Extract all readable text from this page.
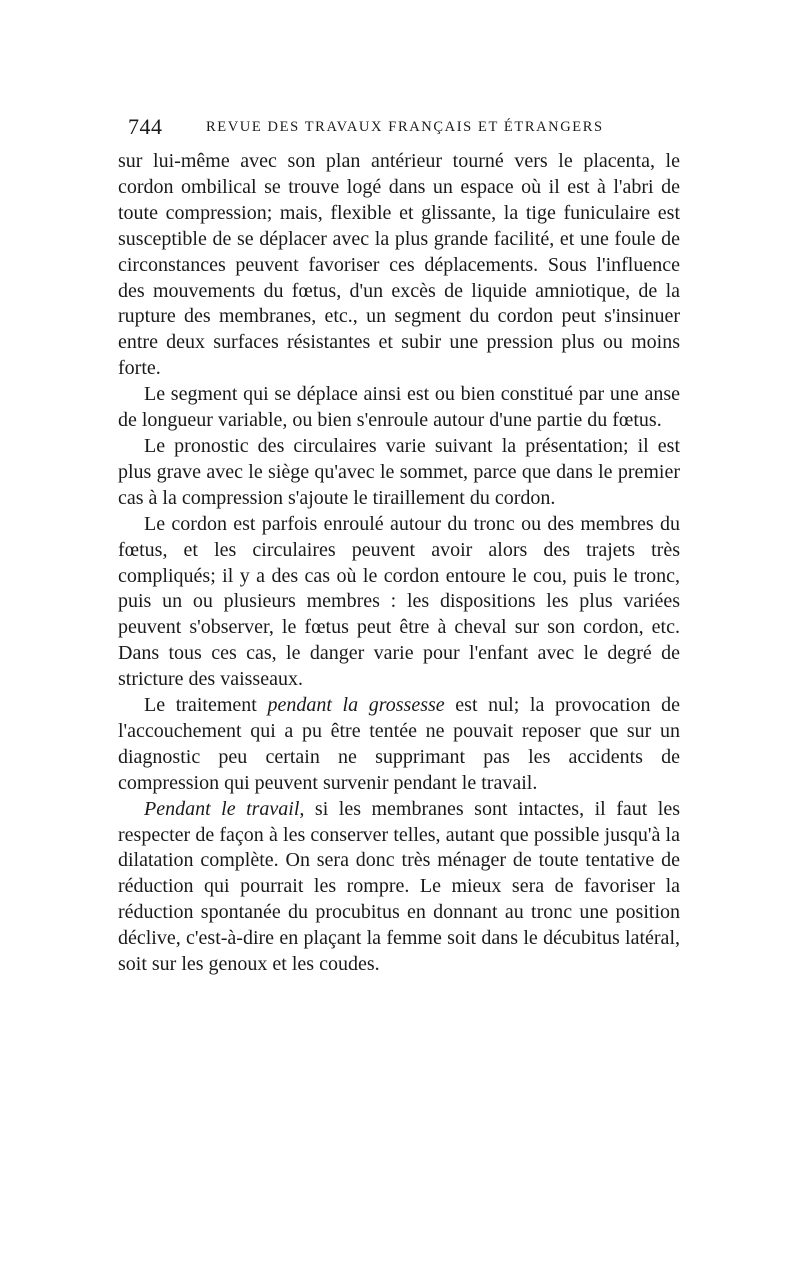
744	REVUE DES TRAVAUX FRANÇAIS ET ÉTRANGERS

sur lui-même avec son plan antérieur tourné vers le placenta, le cordon ombilical se trouve logé dans un espace où il est à l'abri de toute compression; mais, flexible et glissante, la tige funiculaire est susceptible de se déplacer avec la plus grande facilité, et une foule de circonstances peuvent favoriser ces déplacements. Sous l'influence des mouvements du fœtus, d'un excès de liquide amniotique, de la rupture des membranes, etc., un segment du cordon peut s'insinuer entre deux surfaces résistantes et subir une pression plus ou moins forte.

Le segment qui se déplace ainsi est ou bien constitué par une anse de longueur variable, ou bien s'enroule autour d'une partie du fœtus.

Le pronostic des circulaires varie suivant la présentation; il est plus grave avec le siège qu'avec le sommet, parce que dans le premier cas à la compression s'ajoute le tiraillement du cordon.

Le cordon est parfois enroulé autour du tronc ou des membres du fœtus, et les circulaires peuvent avoir alors des trajets très compliqués; il y a des cas où le cordon entoure le cou, puis le tronc, puis un ou plusieurs membres : les dispositions les plus variées peuvent s'observer, le fœtus peut être à cheval sur son cordon, etc. Dans tous ces cas, le danger varie pour l'enfant avec le degré de stricture des vaisseaux.

Le traitement pendant la grossesse est nul; la provocation de l'accouchement qui a pu être tentée ne pouvait reposer que sur un diagnostic peu certain ne supprimant pas les accidents de compression qui peuvent survenir pendant le travail.

Pendant le travail, si les membranes sont intactes, il faut les respecter de façon à les conserver telles, autant que possible jusqu'à la dilatation complète. On sera donc très ménager de toute tentative de réduction qui pourrait les rompre. Le mieux sera de favoriser la réduction spontanée du procubitus en donnant au tronc une position déclive, c'est-à-dire en plaçant la femme soit dans le décubitus latéral, soit sur les genoux et les coudes.
